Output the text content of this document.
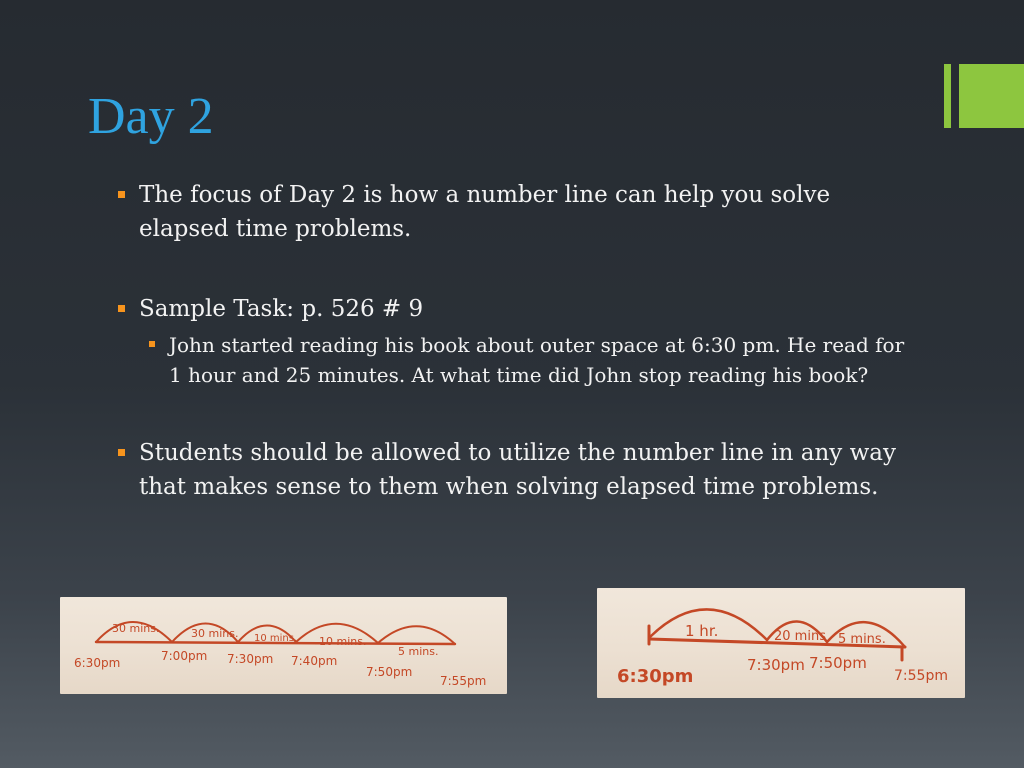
Day 2
The focus of Day 2 is how a number line can help you solve elapsed time problems.
Sample Task: p. 526 # 9
John started reading his book about outer space at 6:30 pm. He read for 1 hour and 25 minutes. At what time did John stop reading his book?
Students should be allowed to utilize the number line in any way that makes sense to them when solving elapsed time problems.
30 mins.	30 mins. 10 mins. 10 mins.
5 mins.
6:30pm	7:00pm 7:30pm 7:40pm
7:50pm
7:55pm
1 hr.	20 mins 5 mins.
6:30pm
7:30pm 7:50pm
7:55pm
